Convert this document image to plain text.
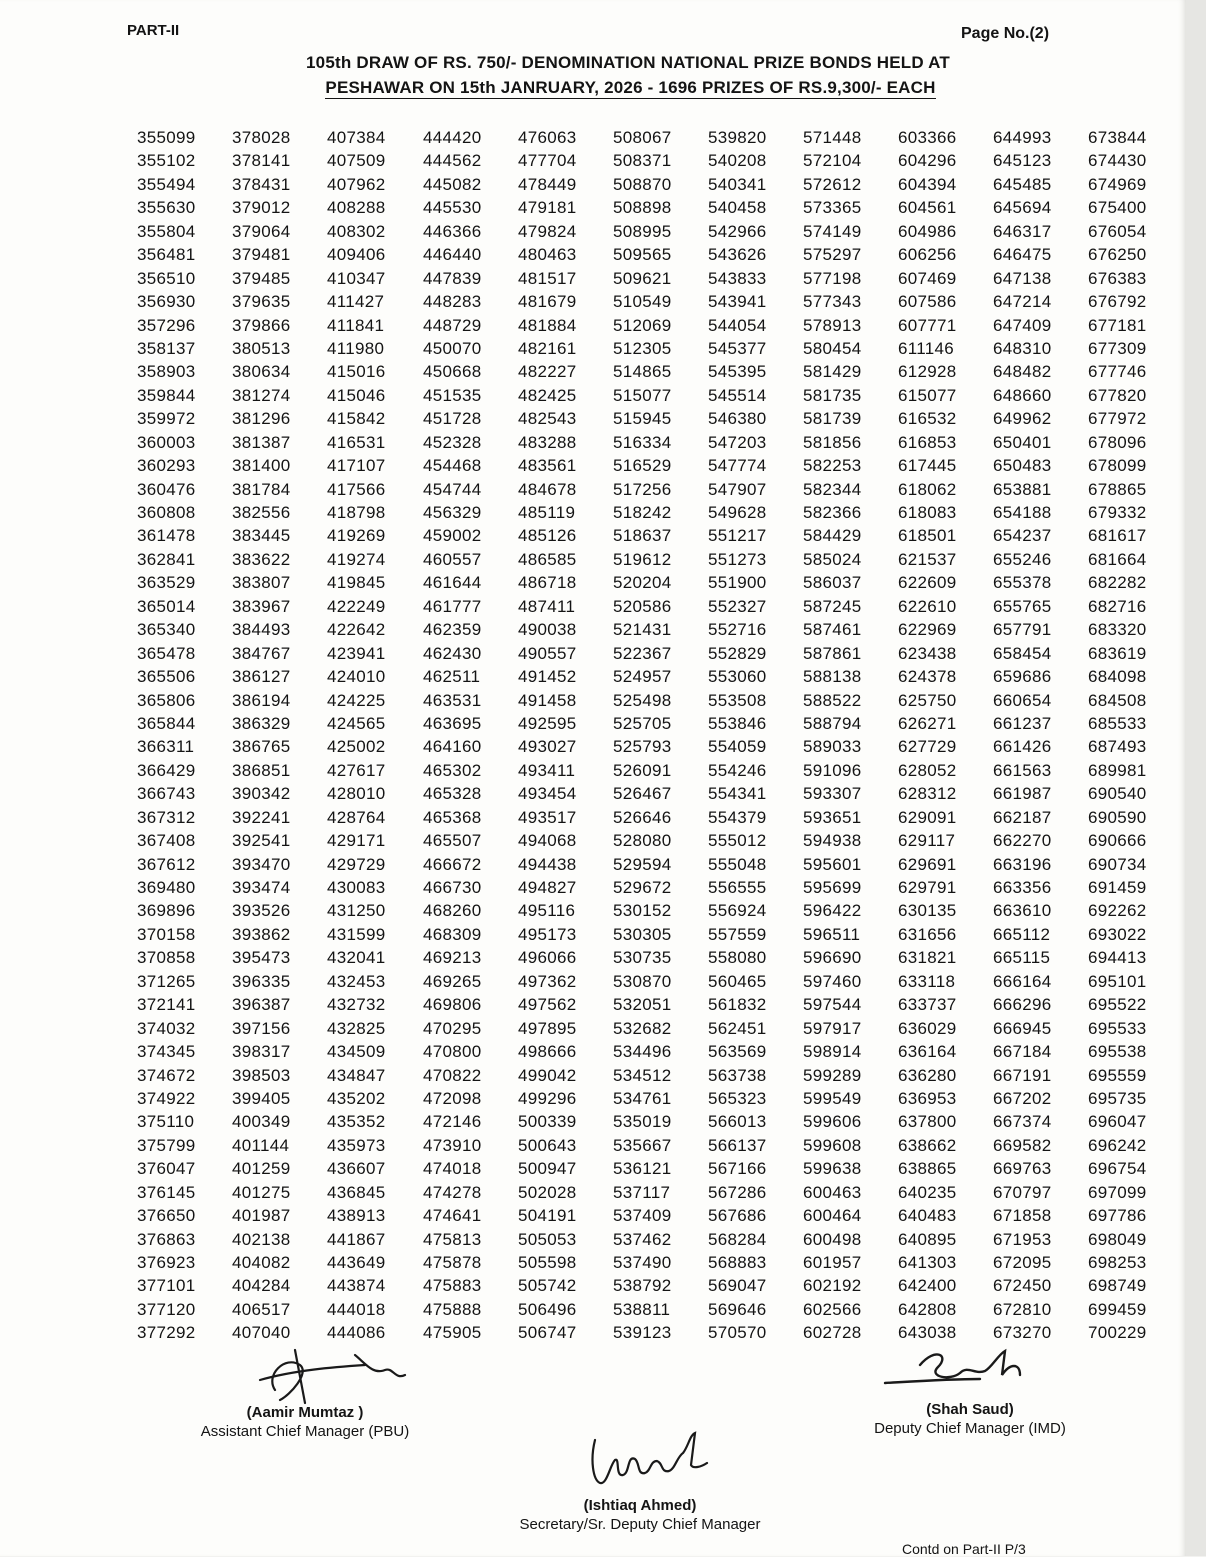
PART-II	Page No.(2)
105th DRAW OF RS. 750/- DENOMINATION NATIONAL PRIZE BONDS HELD AT
PESHAWAR ON 15th JANRUARY, 2026 - 1696 PRIZES OF RS.9,300/- EACH
355099	378028	407384	444420	476063	508067	539820	571448	603366	644993	673844
355102	378141	407509	444562	477704	508371	540208	572104	604296	645123	674430
355494	378431	407962	445082	478449	508870	540341	572612	604394	645485	674969
355630	379012	408288	445530	479181	508898	540458	573365	604561	645694	675400
355804	379064	408302	446366	479824	508995	542966	574149	604986	646317	676054
356481	379481	409406	446440	480463	509565	543626	575297	606256	646475	676250
356510	379485	410347	447839	481517	509621	543833	577198	607469	647138	676383
356930	379635	411427	448283	481679	510549	543941	577343	607586	647214	676792
357296	379866	411841	448729	481884	512069	544054	578913	607771	647409	677181
358137	380513	411980	450070	482161	512305	545377	580454	611146	648310	677309
358903	380634	415016	450668	482227	514865	545395	581429	612928	648482	677746
359844	381274	415046	451535	482425	515077	545514	581735	615077	648660	677820
359972	381296	415842	451728	482543	515945	546380	581739	616532	649962	677972
360003	381387	416531	452328	483288	516334	547203	581856	616853	650401	678096
360293	381400	417107	454468	483561	516529	547774	582253	617445	650483	678099
360476	381784	417566	454744	484678	517256	547907	582344	618062	653881	678865
360808	382556	418798	456329	485119	518242	549628	582366	618083	654188	679332
361478	383445	419269	459002	485126	518637	551217	584429	618501	654237	681617
362841	383622	419274	460557	486585	519612	551273	585024	621537	655246	681664
363529	383807	419845	461644	486718	520204	551900	586037	622609	655378	682282
365014	383967	422249	461777	487411	520586	552327	587245	622610	655765	682716
365340	384493	422642	462359	490038	521431	552716	587461	622969	657791	683320
365478	384767	423941	462430	490557	522367	552829	587861	623438	658454	683619
365506	386127	424010	462511	491452	524957	553060	588138	624378	659686	684098
365806	386194	424225	463531	491458	525498	553508	588522	625750	660654	684508
365844	386329	424565	463695	492595	525705	553846	588794	626271	661237	685533
366311	386765	425002	464160	493027	525793	554059	589033	627729	661426	687493
366429	386851	427617	465302	493411	526091	554246	591096	628052	661563	689981
366743	390342	428010	465328	493454	526467	554341	593307	628312	661987	690540
367312	392241	428764	465368	493517	526646	554379	593651	629091	662187	690590
367408	392541	429171	465507	494068	528080	555012	594938	629117	662270	690666
367612	393470	429729	466672	494438	529594	555048	595601	629691	663196	690734
369480	393474	430083	466730	494827	529672	556555	595699	629791	663356	691459
369896	393526	431250	468260	495116	530152	556924	596422	630135	663610	692262
370158	393862	431599	468309	495173	530305	557559	596511	631656	665112	693022
370858	395473	432041	469213	496066	530735	558080	596690	631821	665115	694413
371265	396335	432453	469265	497362	530870	560465	597460	633118	666164	695101
372141	396387	432732	469806	497562	532051	561832	597544	633737	666296	695522
374032	397156	432825	470295	497895	532682	562451	597917	636029	666945	695533
374345	398317	434509	470800	498666	534496	563569	598914	636164	667184	695538
374672	398503	434847	470822	499042	534512	563738	599289	636280	667191	695559
374922	399405	435202	472098	499296	534761	565323	599549	636953	667202	695735
375110	400349	435352	472146	500339	535019	566013	599606	637800	667374	696047
375799	401144	435973	473910	500643	535667	566137	599608	638662	669582	696242
376047	401259	436607	474018	500947	536121	567166	599638	638865	669763	696754
376145	401275	436845	474278	502028	537117	567286	600463	640235	670797	697099
376650	401987	438913	474641	504191	537409	567686	600464	640483	671858	697786
376863	402138	441867	475813	505053	537462	568284	600498	640895	671953	698049
376923	404082	443649	475878	505598	537490	568883	601957	641303	672095	698253
377101	404284	443874	475883	505742	538792	569047	602192	642400	672450	698749
377120	406517	444018	475888	506496	538811	569646	602566	642808	672810	699459
377292	407040	444086	475905	506747	539123	570570	602728	643038	673270	700229
(Aamir Mumtaz )
Assistant Chief Manager (PBU)
(Shah Saud)
Deputy Chief Manager (IMD)
(Ishtiaq Ahmed)
Secretary/Sr. Deputy Chief Manager
Contd on Part-II P/3
